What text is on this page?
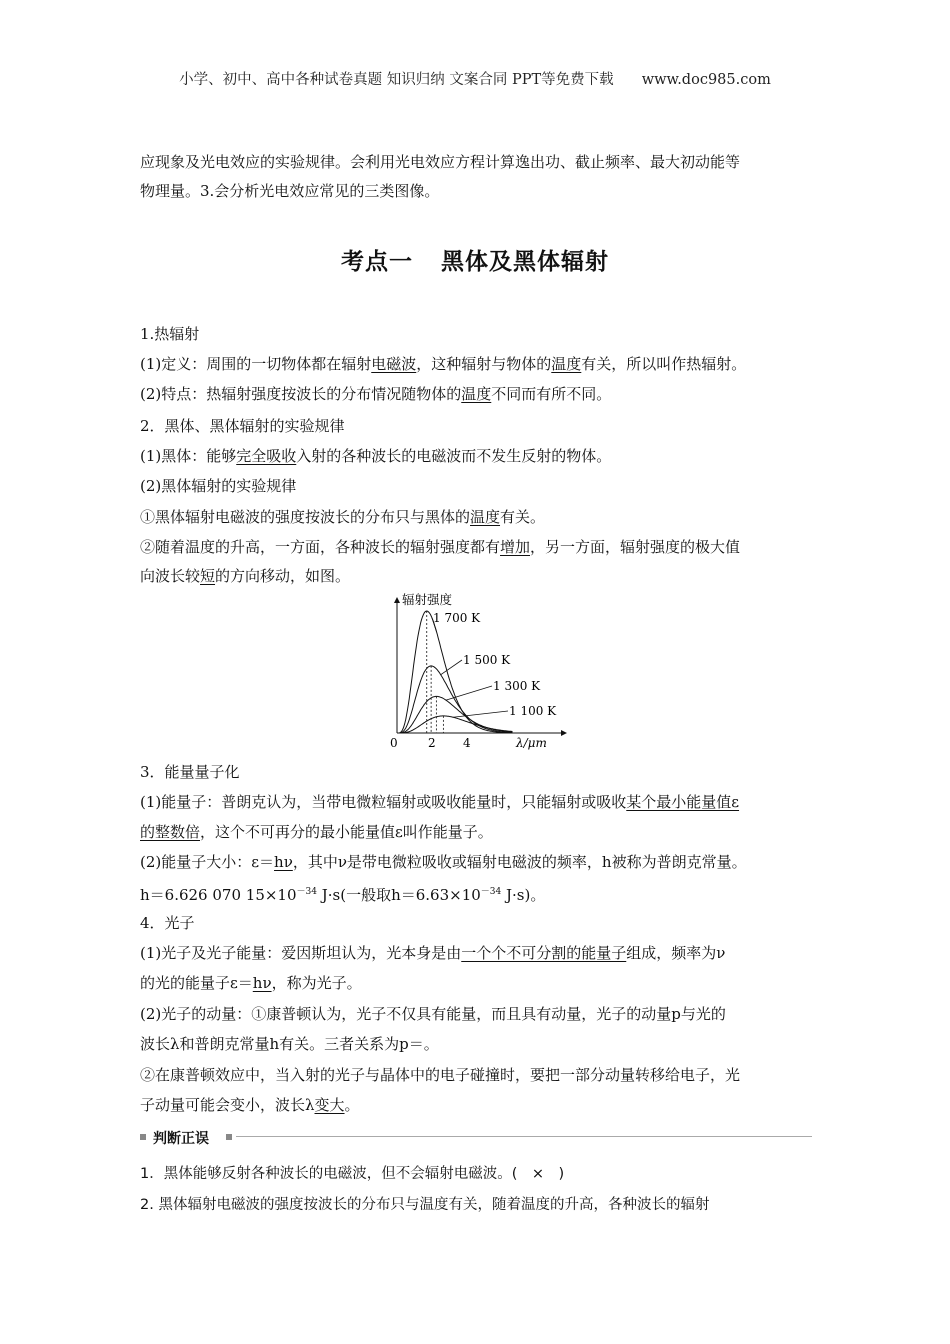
小学、初中、高中各种试卷真题 知识归纳 文案合同 PPT等免费下载 www.doc985.com
应现象及光电效应的实验规律。会利用光电效应方程计算逸出功、截止频率、最大初动能等
物理量。3.会分析光电效应常见的三类图像。
考点一 黑体及黑体辐射
1.热辐射
(1)定义：周围的一切物体都在辐射电磁波，这种辐射与物体的温度有关，所以叫作热辐射。
(2)特点：热辐射强度按波长的分布情况随物体的温度不同而有所不同。
2．黑体、黑体辐射的实验规律
(1)黑体：能够完全吸收入射的各种波长的电磁波而不发生反射的物体。
(2)黑体辐射的实验规律
①黑体辐射电磁波的强度按波长的分布只与黑体的温度有关。
②随着温度的升高，一方面，各种波长的辐射强度都有增加，另一方面，辐射强度的极大值
向波长较短的方向移动，如图。
辐射强度
λ/μm
1 700 K
1 500 K
1 300 K
1 100 K
0	2 4
3．能量量子化
(1)能量子：普朗克认为，当带电微粒辐射或吸收能量时，只能辐射或吸收某个最小能量值ε
的整数倍，这个不可再分的最小能量值ε叫作能量子。
(2)能量子大小：ε＝hν，其中ν是带电微粒吸收或辐射电磁波的频率，h被称为普朗克常量。
h＝6.626 070 $15\times 10^{-34}$ J·s(一般取$h=6.63\times 10^{-34}$ J·s)。
4．光子
(1)光子及光子能量：爱因斯坦认为，光本身是由一个个不可分割的能量子组成，频率为ν
的光的能量子ε＝hν，称为光子。
(2)光子的动量：①康普顿认为，光子不仅具有能量，而且具有动量，光子的动量p与光的
波长λ和普朗克常量h有关。三者关系为p＝。
②在康普顿效应中，当入射的光子与晶体中的电子碰撞时，要把一部分动量转移给电子，光
子动量可能会变小，波长λ变大。
判断正误
1．黑体能够反射各种波长的电磁波，但不会辐射电磁波。(　×　)
2. 黑体辐射电磁波的强度按波长的分布只与温度有关，随着温度的升高，各种波长的辐射
